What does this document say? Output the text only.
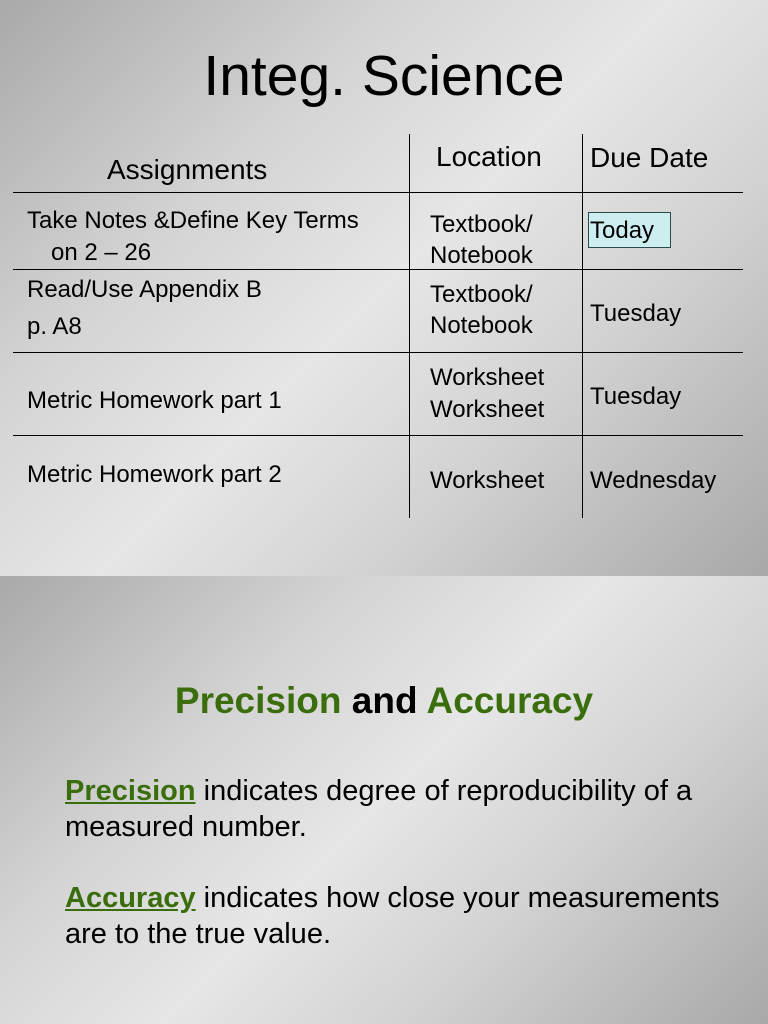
Integ. Science
Assignments	Location Due Date
Take Notes &Define Key Terms
on 2 – 26
Textbook/
Notebook
Today
Read/Use Appendix B
p. A8
Textbook/
Notebook Tuesday
Metric Homework part 1
Worksheet
Worksheet Tuesday
Metric Homework part 2	Worksheet Wednesday
Precision and Accuracy
Precision indicates degree of reproducibility of a measured number.
Accuracy indicates how close your measurements are to the true value.
